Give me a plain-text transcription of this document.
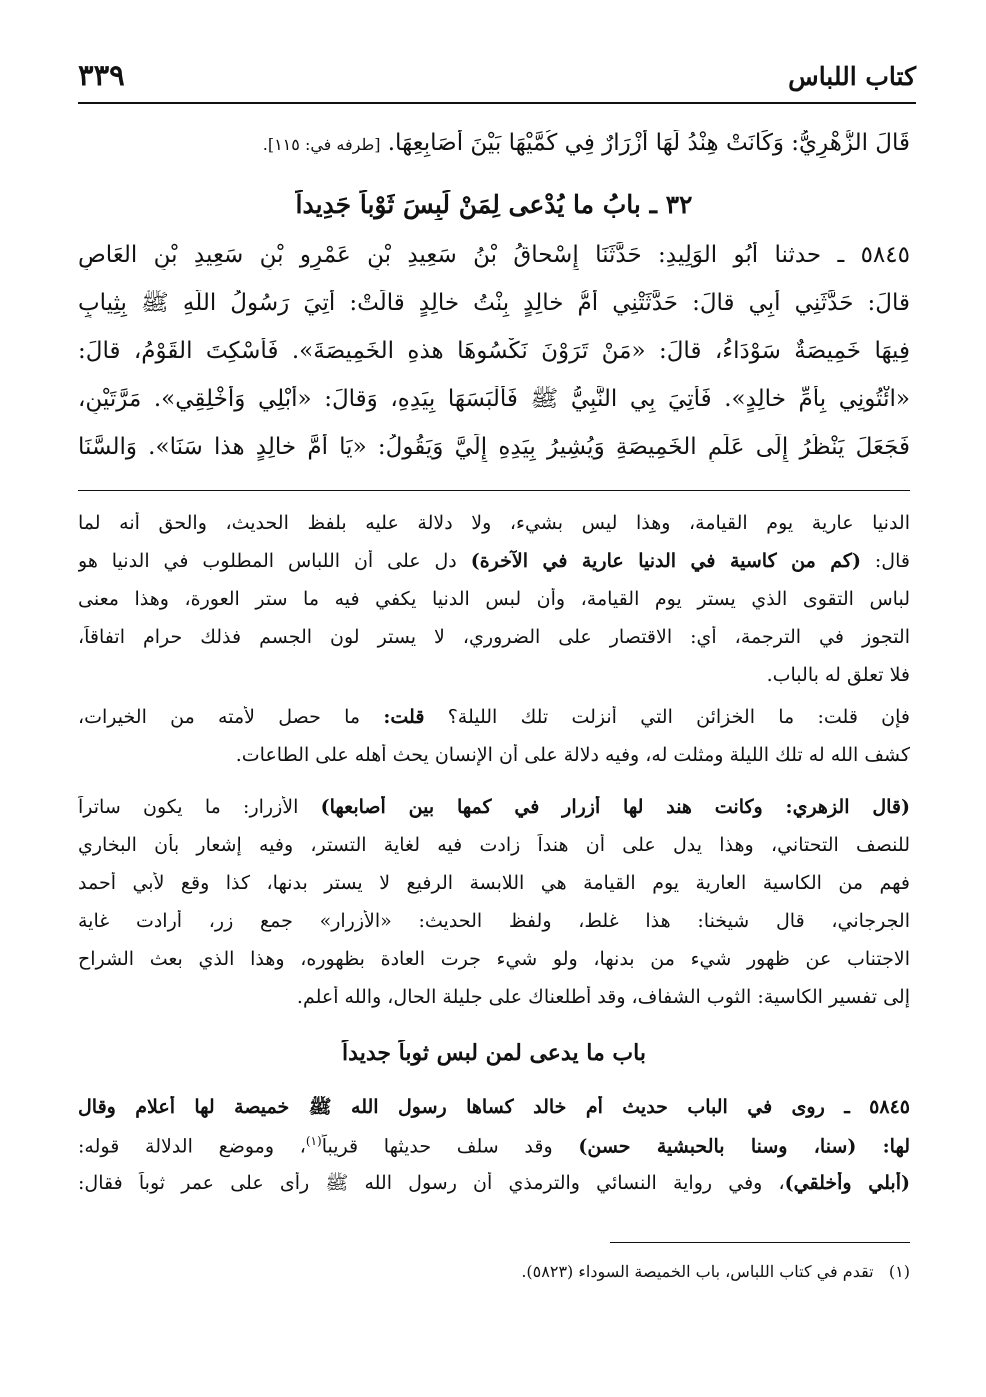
كتاب اللباس
٣٣٩
قَالَ الزُّهْرِيُّ: وَكَانَتْ هِنْدُ لَهَا أَزْرَارٌ فِي كُمَّيْهَا بَيْنَ أَصَابِعِهَا. [طرفه في: ١١٥].
٣٢ ـ بابُ ما يُدْعى لِمَنْ لَبِسَ ثَوْباً جَدِيداً
٥٨٤٥ ـ حدثنا أَبُو الوَلِيدِ: حَدَّثَنَا إِسْحاقُ بْنُ سَعِيدِ بْنِ عَمْرِو بْنِ سَعِيدِ بْنِ العَاصِ
قالَ: حَدَّثَنِي أَبِي قالَ: حَدَّثَتْنِي أُمُّ خالِدٍ بِنْتُ خالِدٍ قالَتْ: أُتِيَ رَسُولُ اللَّهِ ﷺ بِثِيابٍ
فِيهَا خَمِيصَةٌ سَوْدَاءُ، قالَ: «مَنْ تَرَوْنَ نَكْسُوهَا هذهِ الخَمِيصَةَ». فَأُسْكِتَ القَوْمُ، قالَ:
«ائْتُونِي بِأُمِّ خالِدٍ». فَأُتِيَ بِي النَّبِيُّ ﷺ فَأَلْبَسَهَا بِيَدِهِ، وَقالَ: «أَبْلِي وَأَخْلِقِي». مَرَّتَيْنِ،
فَجَعَلَ يَنْظُرُ إِلَى عَلَمِ الخَمِيصَةِ وَيُشِيرُ بِيَدِهِ إِلَيَّ وَيَقُولُ: «يَا أُمَّ خالِدٍ هذا سَنَا». وَالسَّنَا
الدنيا عارية يوم القيامة، وهذا ليس بشيء، ولا دلالة عليه بلفظ الحديث، والحق أنه لما
قال: (كم من كاسية في الدنيا عارية في الآخرة) دل على أن اللباس المطلوب في الدنيا هو
لباس التقوى الذي يستر يوم القيامة، وأن لبس الدنيا يكفي فيه ما ستر العورة، وهذا معنى
التجوز في الترجمة، أي: الاقتصار على الضروري، لا يستر لون الجسم فذلك حرام اتفاقاً،
فلا تعلق له بالباب.
فإن قلت: ما الخزائن التي أنزلت تلك الليلة؟ قلت: ما حصل لأمته من الخيرات،
كشف الله له تلك الليلة ومثلت له، وفيه دلالة على أن الإنسان يحث أهله على الطاعات.
(قال الزهري: وكانت هند لها أزرار في كمها بين أصابعها) الأزرار: ما يكون ساتراً
للنصف التحتاني، وهذا يدل على أن هنداً زادت فيه لغاية التستر، وفيه إشعار بأن البخاري
فهم من الكاسية العارية يوم القيامة هي اللابسة الرفيع لا يستر بدنها، كذا وقع لأبي أحمد
الجرجاني، قال شيخنا: هذا غلط، ولفظ الحديث: «الأزرار» جمع زر، أرادت غاية
الاجتناب عن ظهور شيء من بدنها، ولو شيء جرت العادة بظهوره، وهذا الذي بعث الشراح
إلى تفسير الكاسية: الثوب الشفاف، وقد أطلعناك على جليلة الحال، والله أعلم.
باب ما يدعى لمن لبس ثوباً جديداً
٥٨٤٥ ـ روى في الباب حديث أم خالد كساها رسول الله ﷺ خميصة لها أعلام وقال
لها: (سنا، وسنا بالحبشية حسن) وقد سلف حديثها قريباً$^{(١)}$، وموضع الدلالة قوله:
(أبلي وأخلقي)، وفي رواية النسائي والترمذي أن رسول الله ﷺ رأى على عمر ثوباً فقال:
(١)   تقدم في كتاب اللباس، باب الخميصة السوداء (٥٨٢٣).
